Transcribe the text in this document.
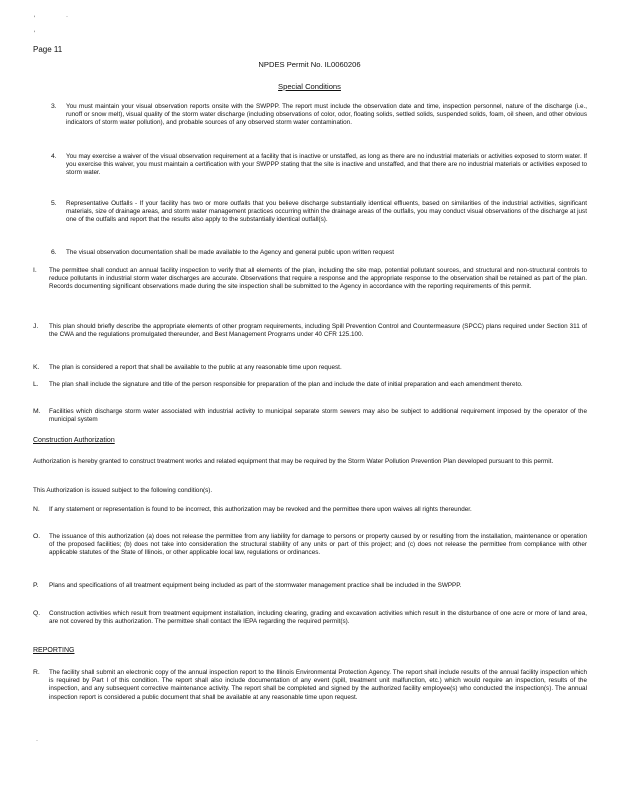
‘	·
‘
Page 11
NPDES Permit No. IL0060206
Special Conditions
3. You must maintain your visual observation reports onsite with the SWPPP. The report must include the observation date and time, inspection personnel, nature of the discharge (i.e., runoff or snow melt), visual quality of the storm water discharge (including observations of color, odor, floating solids, settled solids, suspended solids, foam, oil sheen, and other obvious indicators of storm water pollution), and probable sources of any observed storm water contamination.

4. You may exercise a waiver of the visual observation requirement at a facility that is inactive or unstaffed, as long as there are no industrial materials or activities exposed to storm water. If you exercise this waiver, you must maintain a certification with your SWPPP stating that the site is inactive and unstaffed, and that there are no industrial materials or activities exposed to storm water.

5. Representative Outfalls - If your facility has two or more outfalls that you believe discharge substantially identical effluents, based on similarities of the industrial activities, significant materials, size of drainage areas, and storm water management practices occurring within the drainage areas of the outfalls, you may conduct visual observations of the discharge at just one of the outfalls and report that the results also apply to the substantially identical outfall(s).

6. The visual observation documentation shall be made available to the Agency and general public upon written request

I. The permittee shall conduct an annual facility inspection to verify that all elements of the plan, including the site map, potential pollutant sources, and structural and non-structural controls to reduce pollutants in industrial storm water discharges are accurate. Observations that require a response and the appropriate response to the observation shall be retained as part of the plan. Records documenting significant observations made during the site inspection shall be submitted to the Agency in accordance with the reporting requirements of this permit.

J. This plan should briefly describe the appropriate elements of other program requirements, including Spill Prevention Control and Countermeasure (SPCC) plans required under Section 311 of the CWA and the regulations promulgated thereunder, and Best Management Programs under 40 CFR 125.100.

K. The plan is considered a report that shall be available to the public at any reasonable time upon request.

L. The plan shall include the signature and title of the person responsible for preparation of the plan and include the date of initial preparation and each amendment thereto.

M. Facilities which discharge storm water associated with industrial activity to municipal separate storm sewers may also be subject to additional requirement imposed by the operator of the municipal system

Construction Authorization

Authorization is hereby granted to construct treatment works and related equipment that may be required by the Storm Water Pollution Prevention Plan developed pursuant to this permit.

This Authorization is issued subject to the following condition(s).

N. If any statement or representation is found to be incorrect, this authorization may be revoked and the permittee there upon waives all rights thereunder.

O. The issuance of this authorization (a) does not release the permittee from any liability for damage to persons or property caused by or resulting from the installation, maintenance or operation of the proposed facilities; (b) does not take into consideration the structural stability of any units or part of this project; and (c) does not release the permittee from compliance with other applicable statutes of the State of Illinois, or other applicable local law, regulations or ordinances.

P. Plans and specifications of all treatment equipment being included as part of the stormwater management practice shall be included in the SWPPP.

Q. Construction activities which result from treatment equipment installation, including clearing, grading and excavation activities which result in the disturbance of one acre or more of land area, are not covered by this authorization. The permittee shall contact the IEPA regarding the required permit(s).

REPORTING
R. The facility shall submit an electronic copy of the annual inspection report to the Illinois Environmental Protection Agency. The report shall include results of the annual facility inspection which is required by Part I of this condition. The report shall also include documentation of any event (spill, treatment unit malfunction, etc.) which would require an inspection, results of the inspection, and any subsequent corrective maintenance activity. The report shall be completed and signed by the authorized facility employee(s) who conducted the inspection(s). The annual inspection report is considered a public document that shall be available at any reasonable time upon request.

·
